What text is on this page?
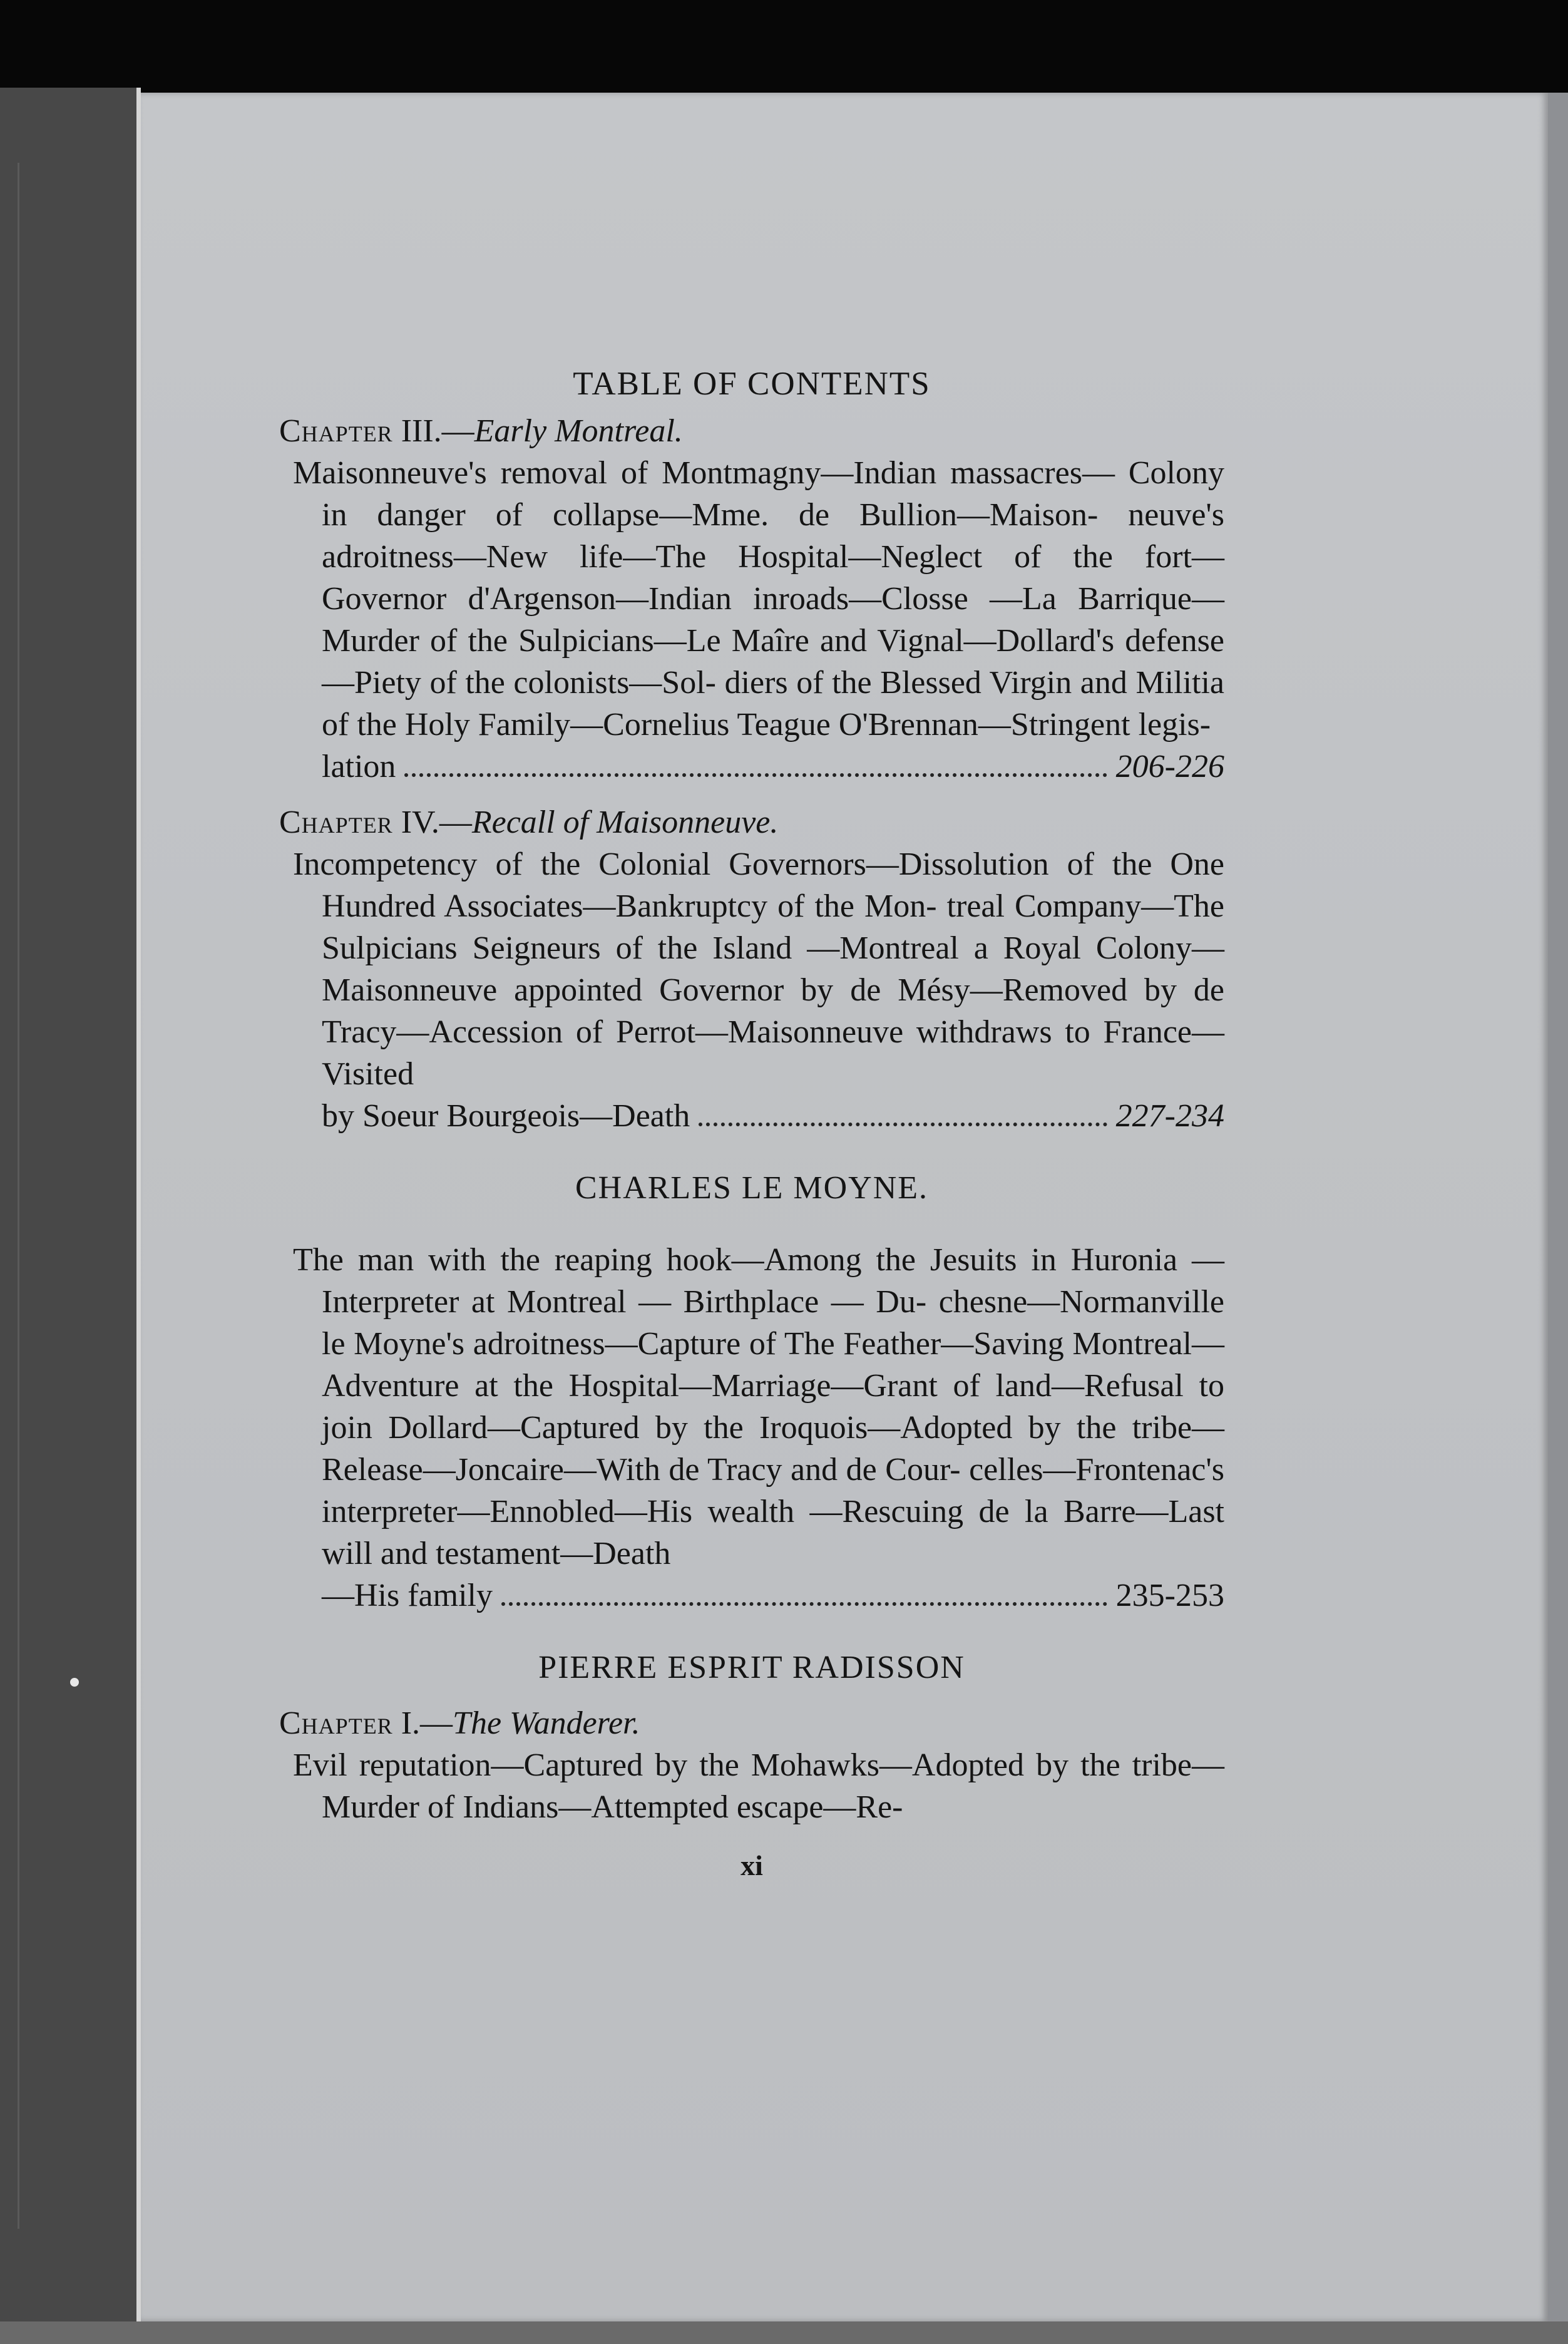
TABLE OF CONTENTS

Chapter III.—Early Montreal.

Maisonneuve's removal of Montmagny—Indian massacres— Colony in danger of collapse—Mme. de Bullion—Maison- neuve's adroitness—New life—The Hospital—Neglect of the fort—Governor d'Argenson—Indian inroads—Closse —La Barrique—Murder of the Sulpicians—Le Maîre and Vignal—Dollard's defense—Piety of the colonists—Sol- diers of the Blessed Virgin and Militia of the Holy Family—Cornelius Teague O'Brennan—Stringent legis-

lation	206-226

Chapter IV.—Recall of Maisonneuve.

Incompetency of the Colonial Governors—Dissolution of the One Hundred Associates—Bankruptcy of the Mon- treal Company—The Sulpicians Seigneurs of the Island —Montreal a Royal Colony—Maisonneuve appointed Governor by de Mésy—Removed by de Tracy—Accession of Perrot—Maisonneuve withdraws to France—Visited

by Soeur Bourgeois—Death	227-234

CHARLES LE MOYNE.

The man with the reaping hook—Among the Jesuits in Huronia — Interpreter at Montreal — Birthplace — Du- chesne—Normanville le Moyne's adroitness—Capture of The Feather—Saving Montreal—Adventure at the Hospital—Marriage—Grant of land—Refusal to join Dollard—Captured by the Iroquois—Adopted by the tribe—Release—Joncaire—With de Tracy and de Cour- celles—Frontenac's interpreter—Ennobled—His wealth —Rescuing de la Barre—Last will and testament—Death

—His family	235-253

PIERRE ESPRIT RADISSON

Chapter I.—The Wanderer.

Evil reputation—Captured by the Mohawks—Adopted by the tribe—Murder of Indians—Attempted escape—Re-

xi
